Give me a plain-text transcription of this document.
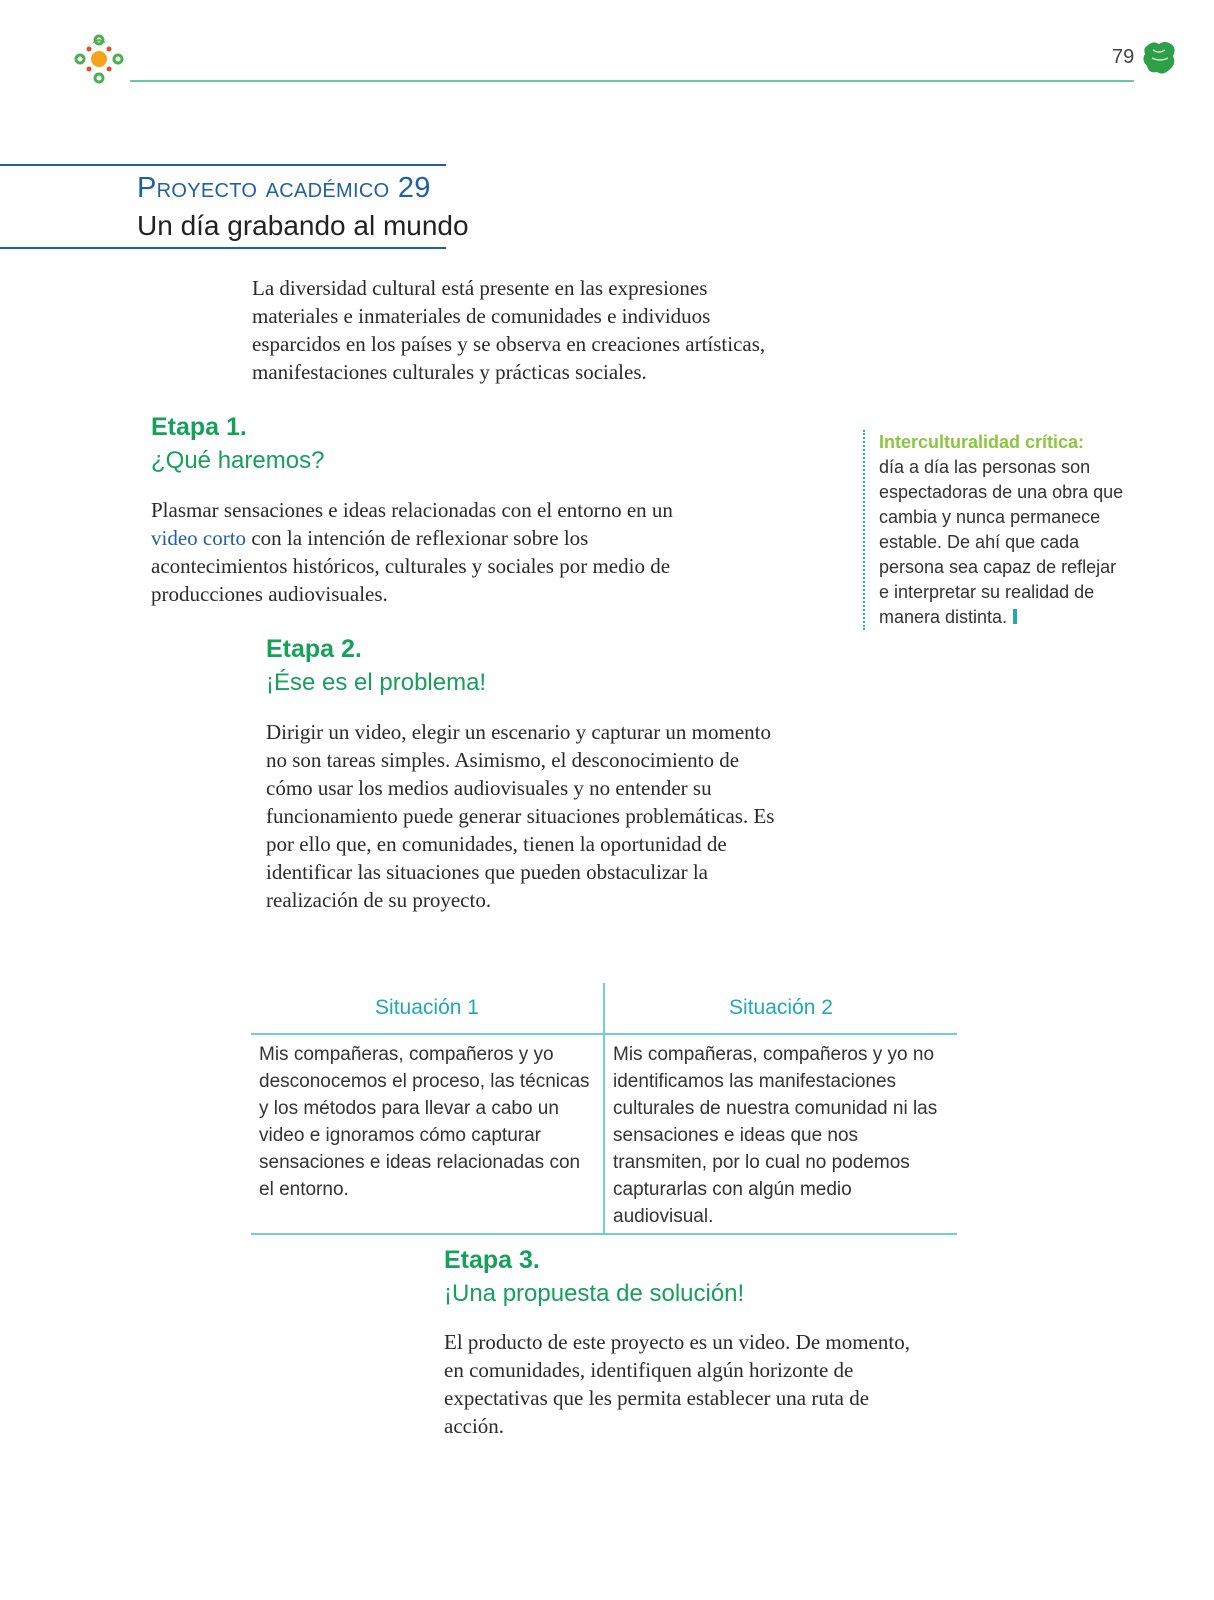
79
Proyecto académico 29
Un día grabando al mundo
La diversidad cultural está presente en las expresiones materiales e inmateriales de comunidades e individuos esparcidos en los países y se observa en creaciones artísticas, manifestaciones culturales y prácticas sociales.
Etapa 1.
¿Qué haremos?
Plasmar sensaciones e ideas relacionadas con el entorno en un video corto con la intención de reflexionar sobre los acontecimientos históricos, culturales y sociales por medio de producciones audiovisuales.
Interculturalidad crítica:
día a día las personas son espectadoras de una obra que cambia y nunca permanece estable. De ahí que cada persona sea capaz de reflejar e interpretar su realidad de manera distinta.
Etapa 2.
¡Ése es el problema!
Dirigir un video, elegir un escenario y capturar un momento no son tareas simples. Asimismo, el desconocimiento de cómo usar los medios audiovisuales y no entender su funcionamiento puede generar situaciones problemáticas. Es por ello que, en comunidades, tienen la oportunidad de identificar las situaciones que pueden obstaculizar la realización de su proyecto.
Situación 1	Situación 2
Mis compañeras, compañeros y yo desconocemos el proceso, las técnicas y los métodos para llevar a cabo un video e ignoramos cómo capturar sensaciones e ideas relacionadas con el entorno.	Mis compañeras, compañeros y yo no identificamos las manifestaciones culturales de nuestra comunidad ni las sensaciones e ideas que nos transmiten, por lo cual no podemos capturarlas con algún medio audiovisual.
Etapa 3.
¡Una propuesta de solución!
El producto de este proyecto es un video. De momento, en comunidades, identifiquen algún horizonte de expectativas que les permita establecer una ruta de acción.
